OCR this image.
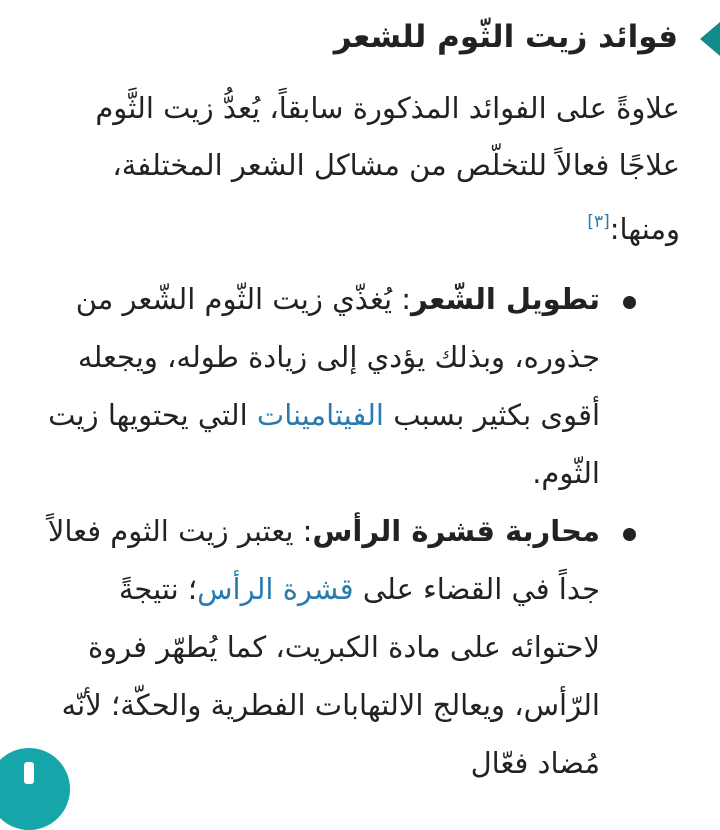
فوائد زيت الثّوم للشعر

علاوةً على الفوائد المذكورة سابقاً، يُعدُّ زيت الثَّوم علاجًا فعالاً للتخلّص من مشاكل الشعر المختلفة، ومنها:[٣]

تطويل الشّعر: يُغذّي زيت الثّوم الشّعر من جذوره، وبذلك يؤدي إلى زيادة طوله، ويجعله أقوى بكثير بسبب الفيتامينات التي يحتويها زيت الثّوم.
محاربة قشرة الرأس: يعتبر زيت الثوم فعالاً جداً في القضاء على قشرة الرأس؛ نتيجةً لاحتوائه على مادة الكبريت، كما يُطهّر فروة الرّأس، ويعالج الالتهابات الفطرية والحكّة؛ لأنّه مُضاد فعّال
